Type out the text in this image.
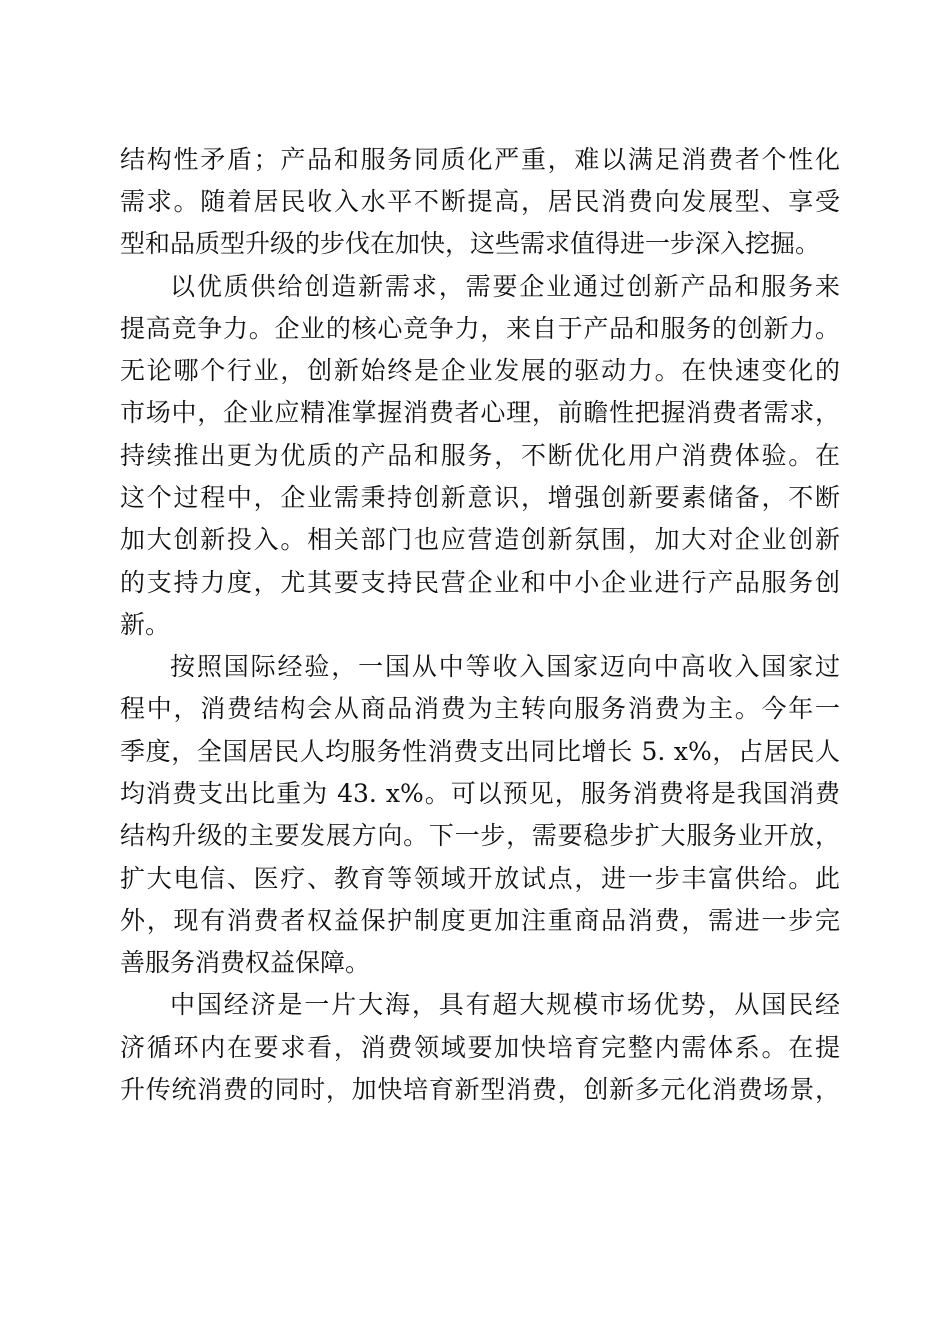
结构性矛盾；产品和服务同质化严重，难以满足消费者个性化
需求。随着居民收入水平不断提高，居民消费向发展型、享受
型和品质型升级的步伐在加快，这些需求值得进一步深入挖掘。
以优质供给创造新需求，需要企业通过创新产品和服务来
提高竞争力。企业的核心竞争力，来自于产品和服务的创新力。
无论哪个行业，创新始终是企业发展的驱动力。在快速变化的
市场中，企业应精准掌握消费者心理，前瞻性把握消费者需求，
持续推出更为优质的产品和服务，不断优化用户消费体验。在
这个过程中，企业需秉持创新意识，增强创新要素储备，不断
加大创新投入。相关部门也应营造创新氛围，加大对企业创新
的支持力度，尤其要支持民营企业和中小企业进行产品服务创
新。
按照国际经验，一国从中等收入国家迈向中高收入国家过
程中，消费结构会从商品消费为主转向服务消费为主。今年一
季度，全国居民人均服务性消费支出同比增长 5. x%，占居民人
均消费支出比重为 43. x%。可以预见，服务消费将是我国消费
结构升级的主要发展方向。下一步，需要稳步扩大服务业开放，
扩大电信、医疗、教育等领域开放试点，进一步丰富供给。此
外，现有消费者权益保护制度更加注重商品消费，需进一步完
善服务消费权益保障。
中国经济是一片大海，具有超大规模市场优势，从国民经
济循环内在要求看，消费领域要加快培育完整内需体系。在提
升传统消费的同时，加快培育新型消费，创新多元化消费场景，
